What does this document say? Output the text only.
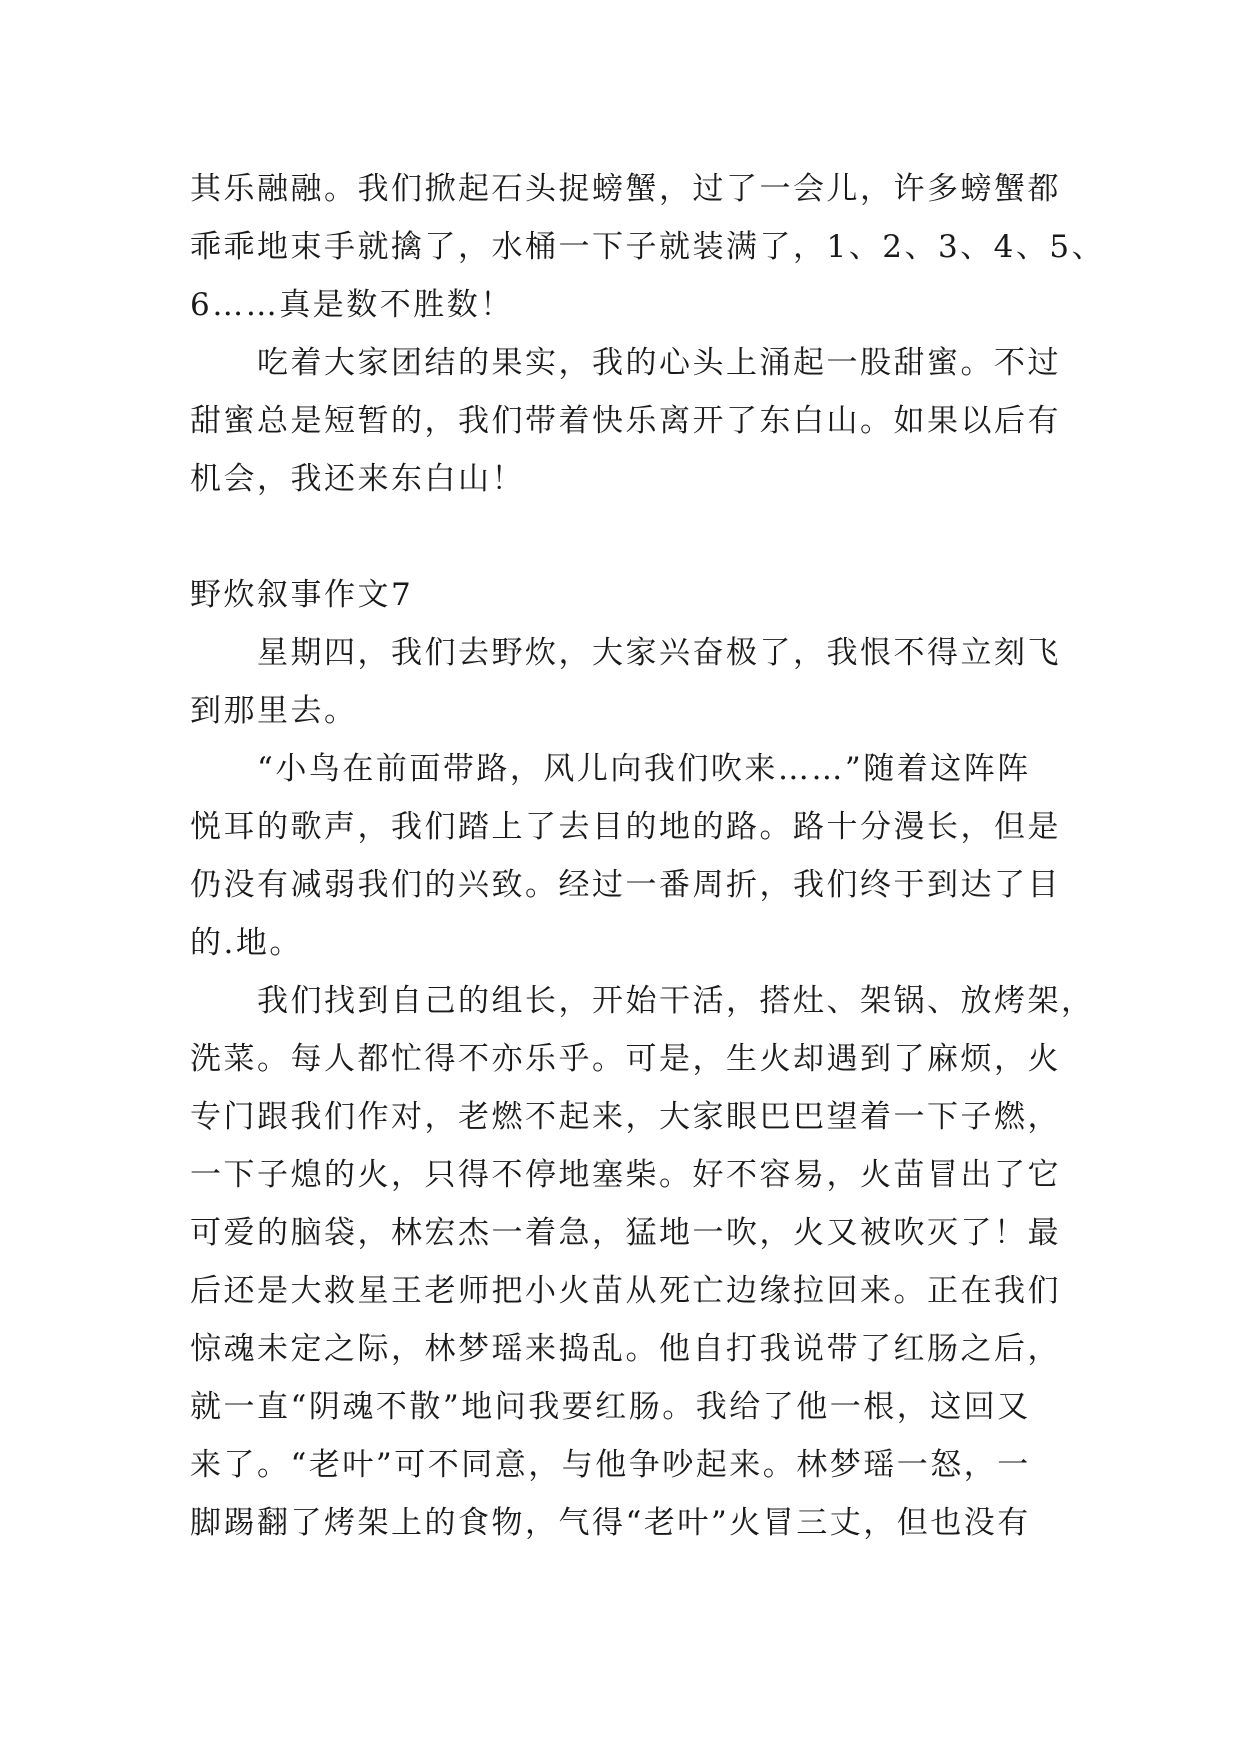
其乐融融。我们掀起石头捉螃蟹，过了一会儿，许多螃蟹都
乖乖地束手就擒了，水桶一下子就装满了，1、2、3、4、5、
6……真是数不胜数！
　　吃着大家团结的果实，我的心头上涌起一股甜蜜。不过
甜蜜总是短暂的，我们带着快乐离开了东白山。如果以后有
机会，我还来东白山！
野炊叙事作文7
　　星期四，我们去野炊，大家兴奋极了，我恨不得立刻飞
到那里去。
　　“小鸟在前面带路，风儿向我们吹来……”随着这阵阵
悦耳的歌声，我们踏上了去目的地的路。路十分漫长，但是
仍没有减弱我们的兴致。经过一番周折，我们终于到达了目
的.地。
　　我们找到自己的组长，开始干活，搭灶、架锅、放烤架，
洗菜。每人都忙得不亦乐乎。可是，生火却遇到了麻烦，火
专门跟我们作对，老燃不起来，大家眼巴巴望着一下子燃，
一下子熄的火，只得不停地塞柴。好不容易，火苗冒出了它
可爱的脑袋，林宏杰一着急，猛地一吹，火又被吹灭了！最
后还是大救星王老师把小火苗从死亡边缘拉回来。正在我们
惊魂未定之际，林梦瑶来捣乱。他自打我说带了红肠之后，
就一直“阴魂不散”地问我要红肠。我给了他一根，这回又
来了。“老叶”可不同意，与他争吵起来。林梦瑶一怒，一
脚踢翻了烤架上的食物，气得“老叶”火冒三丈，但也没有
